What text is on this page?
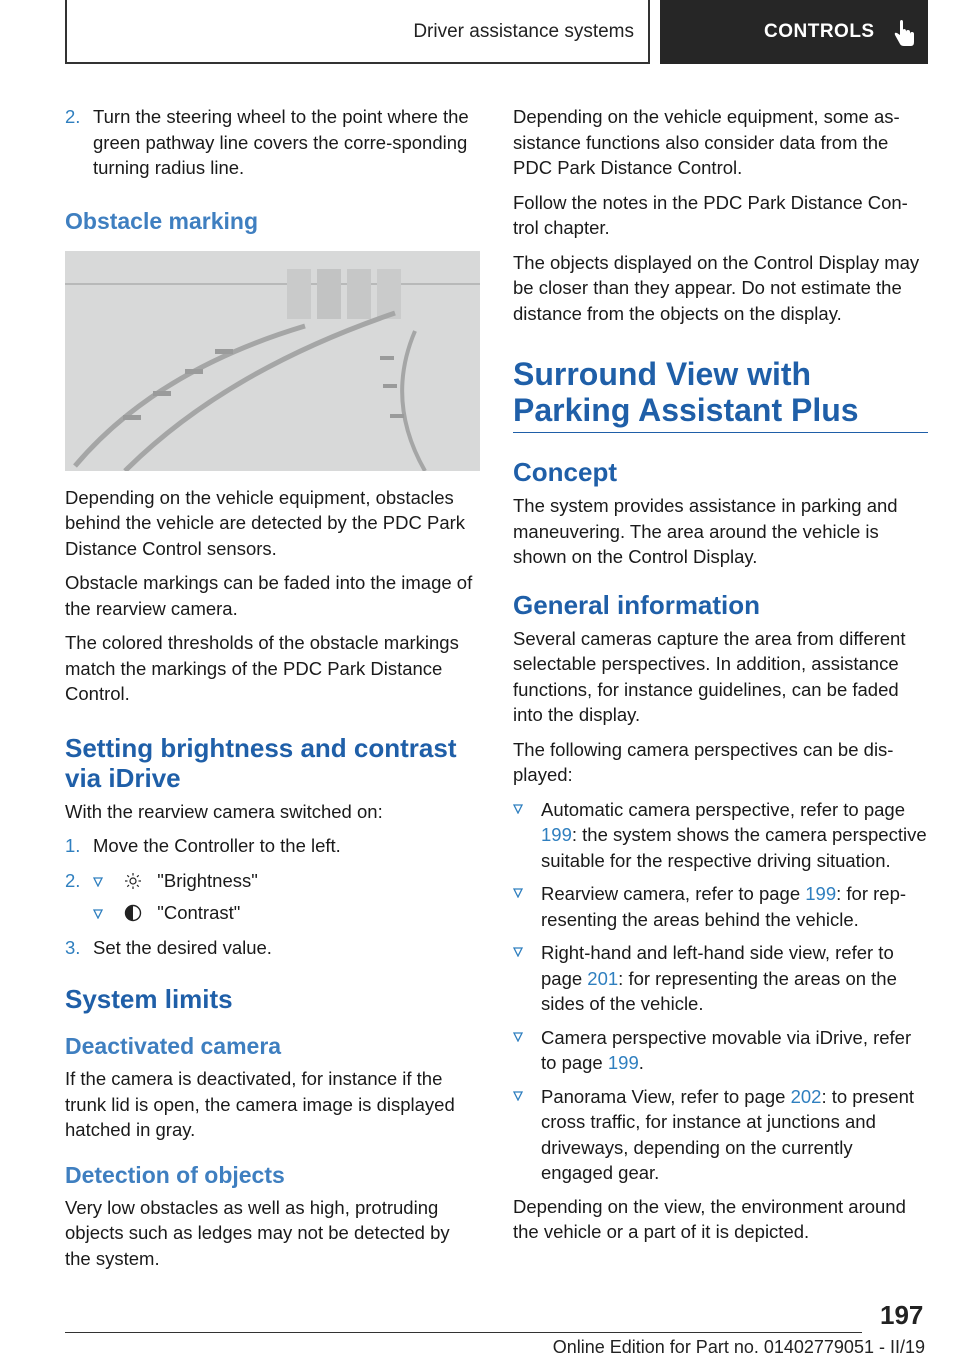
Driver assistance systems	CONTROLS
2. Turn the steering wheel to the point where the green pathway line covers the corre‐sponding turning radius line.
Obstacle marking

Depending on the vehicle equipment, obstacles behind the vehicle are detected by the PDC Park Distance Control sensors.

Obstacle markings can be faded into the image of the rearview camera.

The colored thresholds of the obstacle markings match the markings of the PDC Park Distance Control.

Setting brightness and contrast via iDrive

With the rearview camera switched on:

1. Move the Controller to the left.
2.	"Brightness"
"Contrast"
3. Set the desired value.
System limits
Deactivated camera

If the camera is deactivated, for instance if the trunk lid is open, the camera image is displayed hatched in gray.

Detection of objects

Very low obstacles as well as high, protruding objects such as ledges may not be detected by the system.

Depending on the vehicle equipment, some as‐sistance functions also consider data from the PDC Park Distance Control.

Follow the notes in the PDC Park Distance Con‐trol chapter.

The objects displayed on the Control Display may be closer than they appear. Do not estimate the distance from the objects on the display.

Surround View with Parking Assistant Plus
Concept

The system provides assistance in parking and maneuvering. The area around the vehicle is shown on the Control Display.

General information

Several cameras capture the area from different selectable perspectives. In addition, assistance functions, for instance guidelines, can be faded into the display.

The following camera perspectives can be dis‐played:

Automatic camera perspective, refer to page 199: the system shows the camera perspective suitable for the respective driving situation.
Rearview camera, refer to page 199: for rep‐resenting the areas behind the vehicle.
Right-hand and left-hand side view, refer to page 201: for representing the areas on the sides of the vehicle.
Camera perspective movable via iDrive, refer to page 199.
Panorama View, refer to page 202: to present cross traffic, for instance at junctions and driveways, depending on the currently engaged gear.

Depending on the view, the environment around the vehicle or a part of it is depicted.

197
Online Edition for Part no. 01402779051 - II/19
